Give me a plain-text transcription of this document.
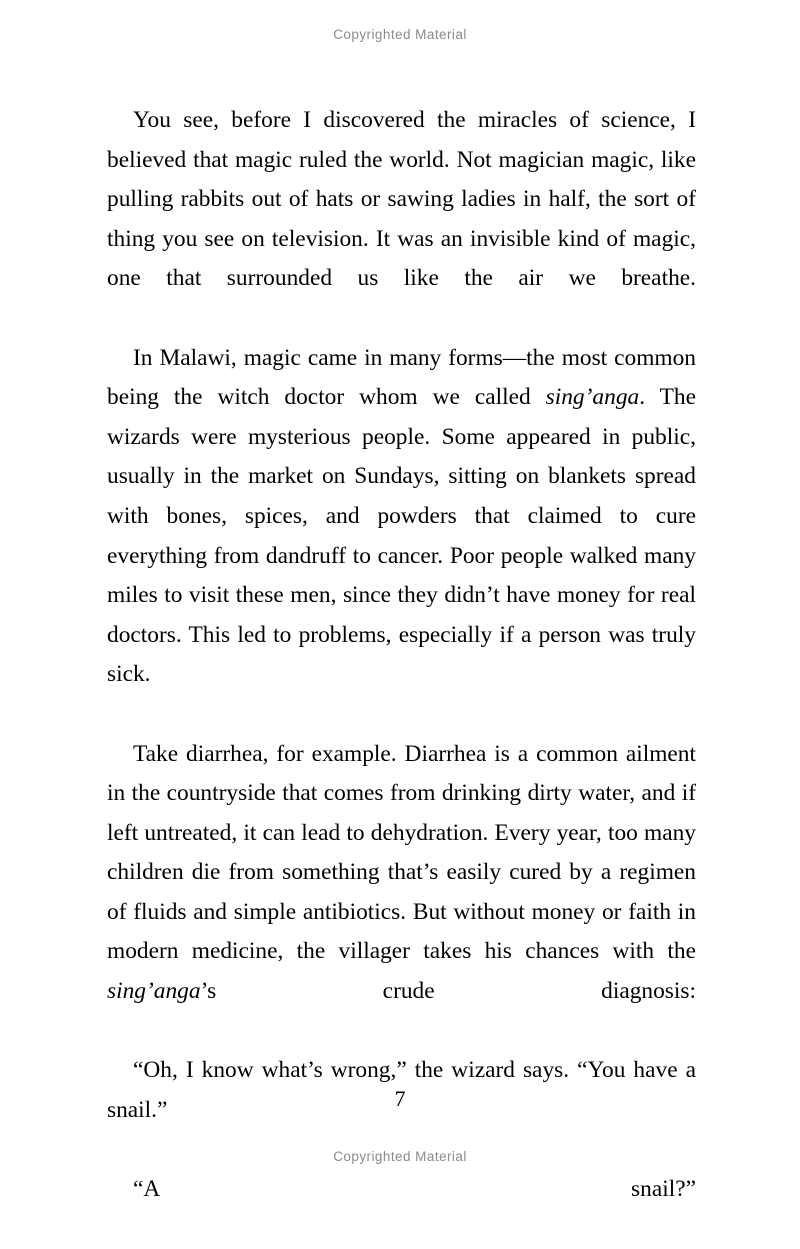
Copyrighted Material

You see, before I discovered the miracles of science, I believed that magic ruled the world. Not magician magic, like pulling rabbits out of hats or sawing ladies in half, the sort of thing you see on television. It was an invisible kind of magic, one that surrounded us like the air we breathe.

In Malawi, magic came in many forms—the most common being the witch doctor whom we called sing’anga. The wizards were mysterious people. Some appeared in public, usually in the market on Sundays, sitting on blankets spread with bones, spices, and powders that claimed to cure everything from dandruff to cancer. Poor people walked many miles to visit these men, since they didn’t have money for real doctors. This led to problems, especially if a person was truly sick.

Take diarrhea, for example. Diarrhea is a common ailment in the countryside that comes from drinking dirty water, and if left untreated, it can lead to dehydration. Every year, too many children die from something that’s easily cured by a regimen of fluids and simple antibiotics. But without money or faith in modern medicine, the villager takes his chances with the sing’anga’s crude diagnosis:

“Oh, I know what’s wrong,” the wizard says. “You have a snail.”

“A snail?”

7
Copyrighted Material
